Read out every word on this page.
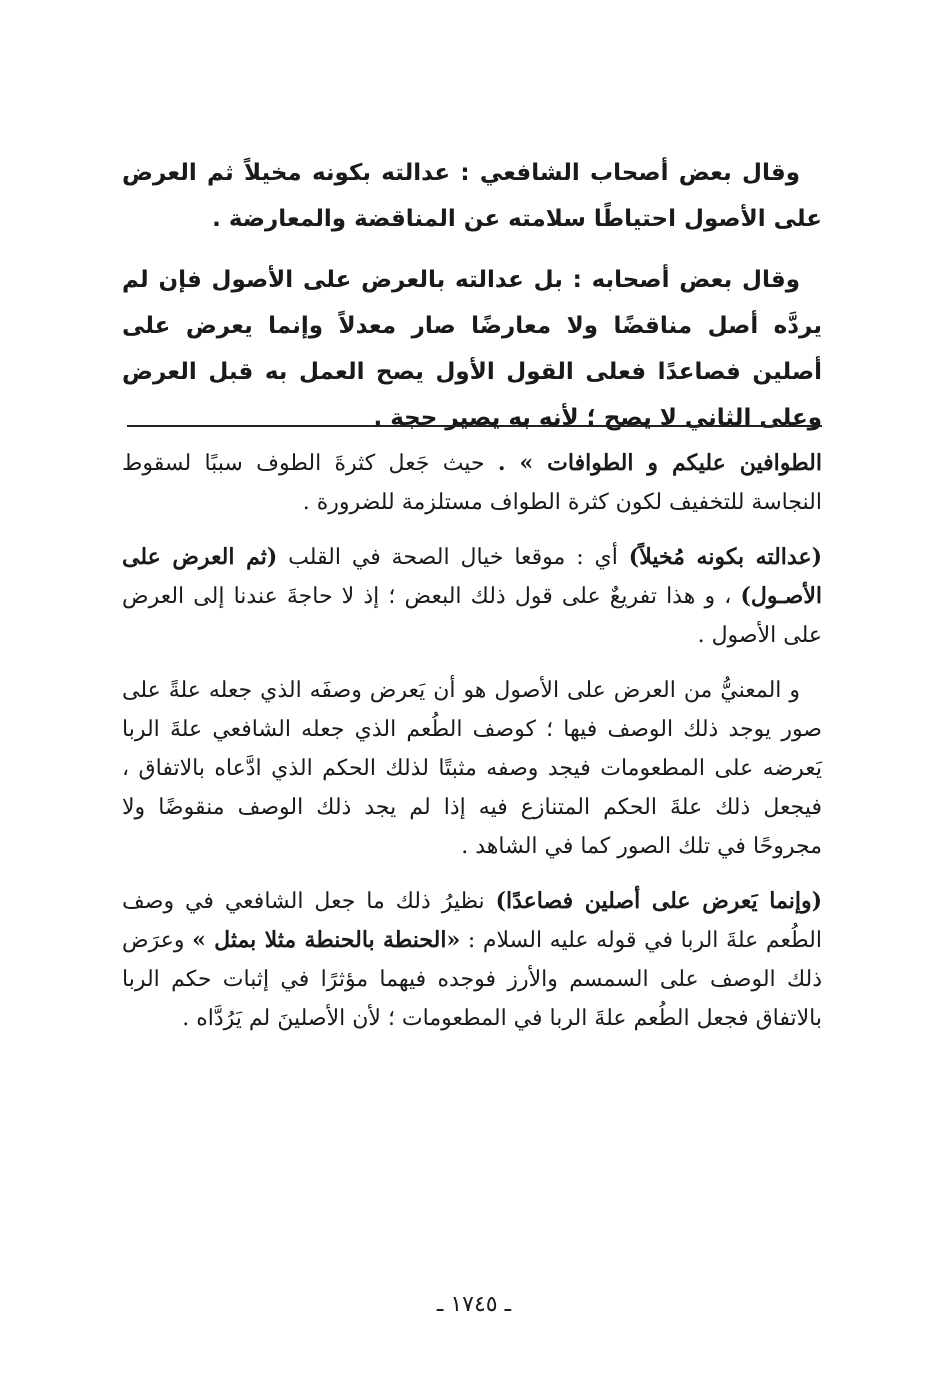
وقال بعض أصحاب الشافعي : عدالته بكونه مخيلاً ثم العرض على الأصول احتياطًا سلامته عن المناقضة والمعارضة .

وقال بعض أصحابه : بل عدالته بالعرض على الأصول فإن لم يردَّه أصل مناقضًا ولا معارضًا صار معدلاً وإنما يعرض على أصلين فصاعدًا فعلى القول الأول يصح العمل به قبل العرض وعلى الثاني لا يصح ؛ لأنه به يصير حجة .

الطوافين عليكم و الطوافات » . حيث جَعل كثرةَ الطوف سببًا لسقوط النجاسة للتخفيف لكون كثرة الطواف مستلزمة للضرورة .

(عدالته بكونه مُخيلاً) أي : موقعا خيال الصحة في القلب (ثم العرض على الأصـول) ، و هذا تفريعٌ على قول ذلك البعض ؛ إذ لا حاجةَ عندنا إلى العرض على الأصول .

و المعنيُّ من العرض على الأصول هو أن يَعرض وصفَه الذي جعله علةً على صور يوجد ذلك الوصف فيها ؛ كوصف الطُعم الذي جعله الشافعي علةَ الربا يَعرضه على المطعومات فيجد وصفه مثبتًا لذلك الحكم الذي ادَّعاه بالاتفاق ، فيجعل ذلك علةَ الحكم المتنازع فيه إذا لم يجد ذلك الوصف منقوضًا ولا مجروحًا في تلك الصور كما في الشاهد .

(وإنما يَعرض على أصلين فصاعدًا) نظيرُ ذلك ما جعل الشافعي في وصف الطُعم علةَ الربا في قوله عليه السلام : «الحنطة بالحنطة مثلا بمثل » وعرَض ذلك الوصف على السمسم والأرز فوجده فيهما مؤثرًا في إثبات حكم الربا بالاتفاق فجعل الطُعم علةَ الربا في المطعومات ؛ لأن الأصلينَ لم يَرُدَّاه .

ـ ١٧٤٥ ـ
